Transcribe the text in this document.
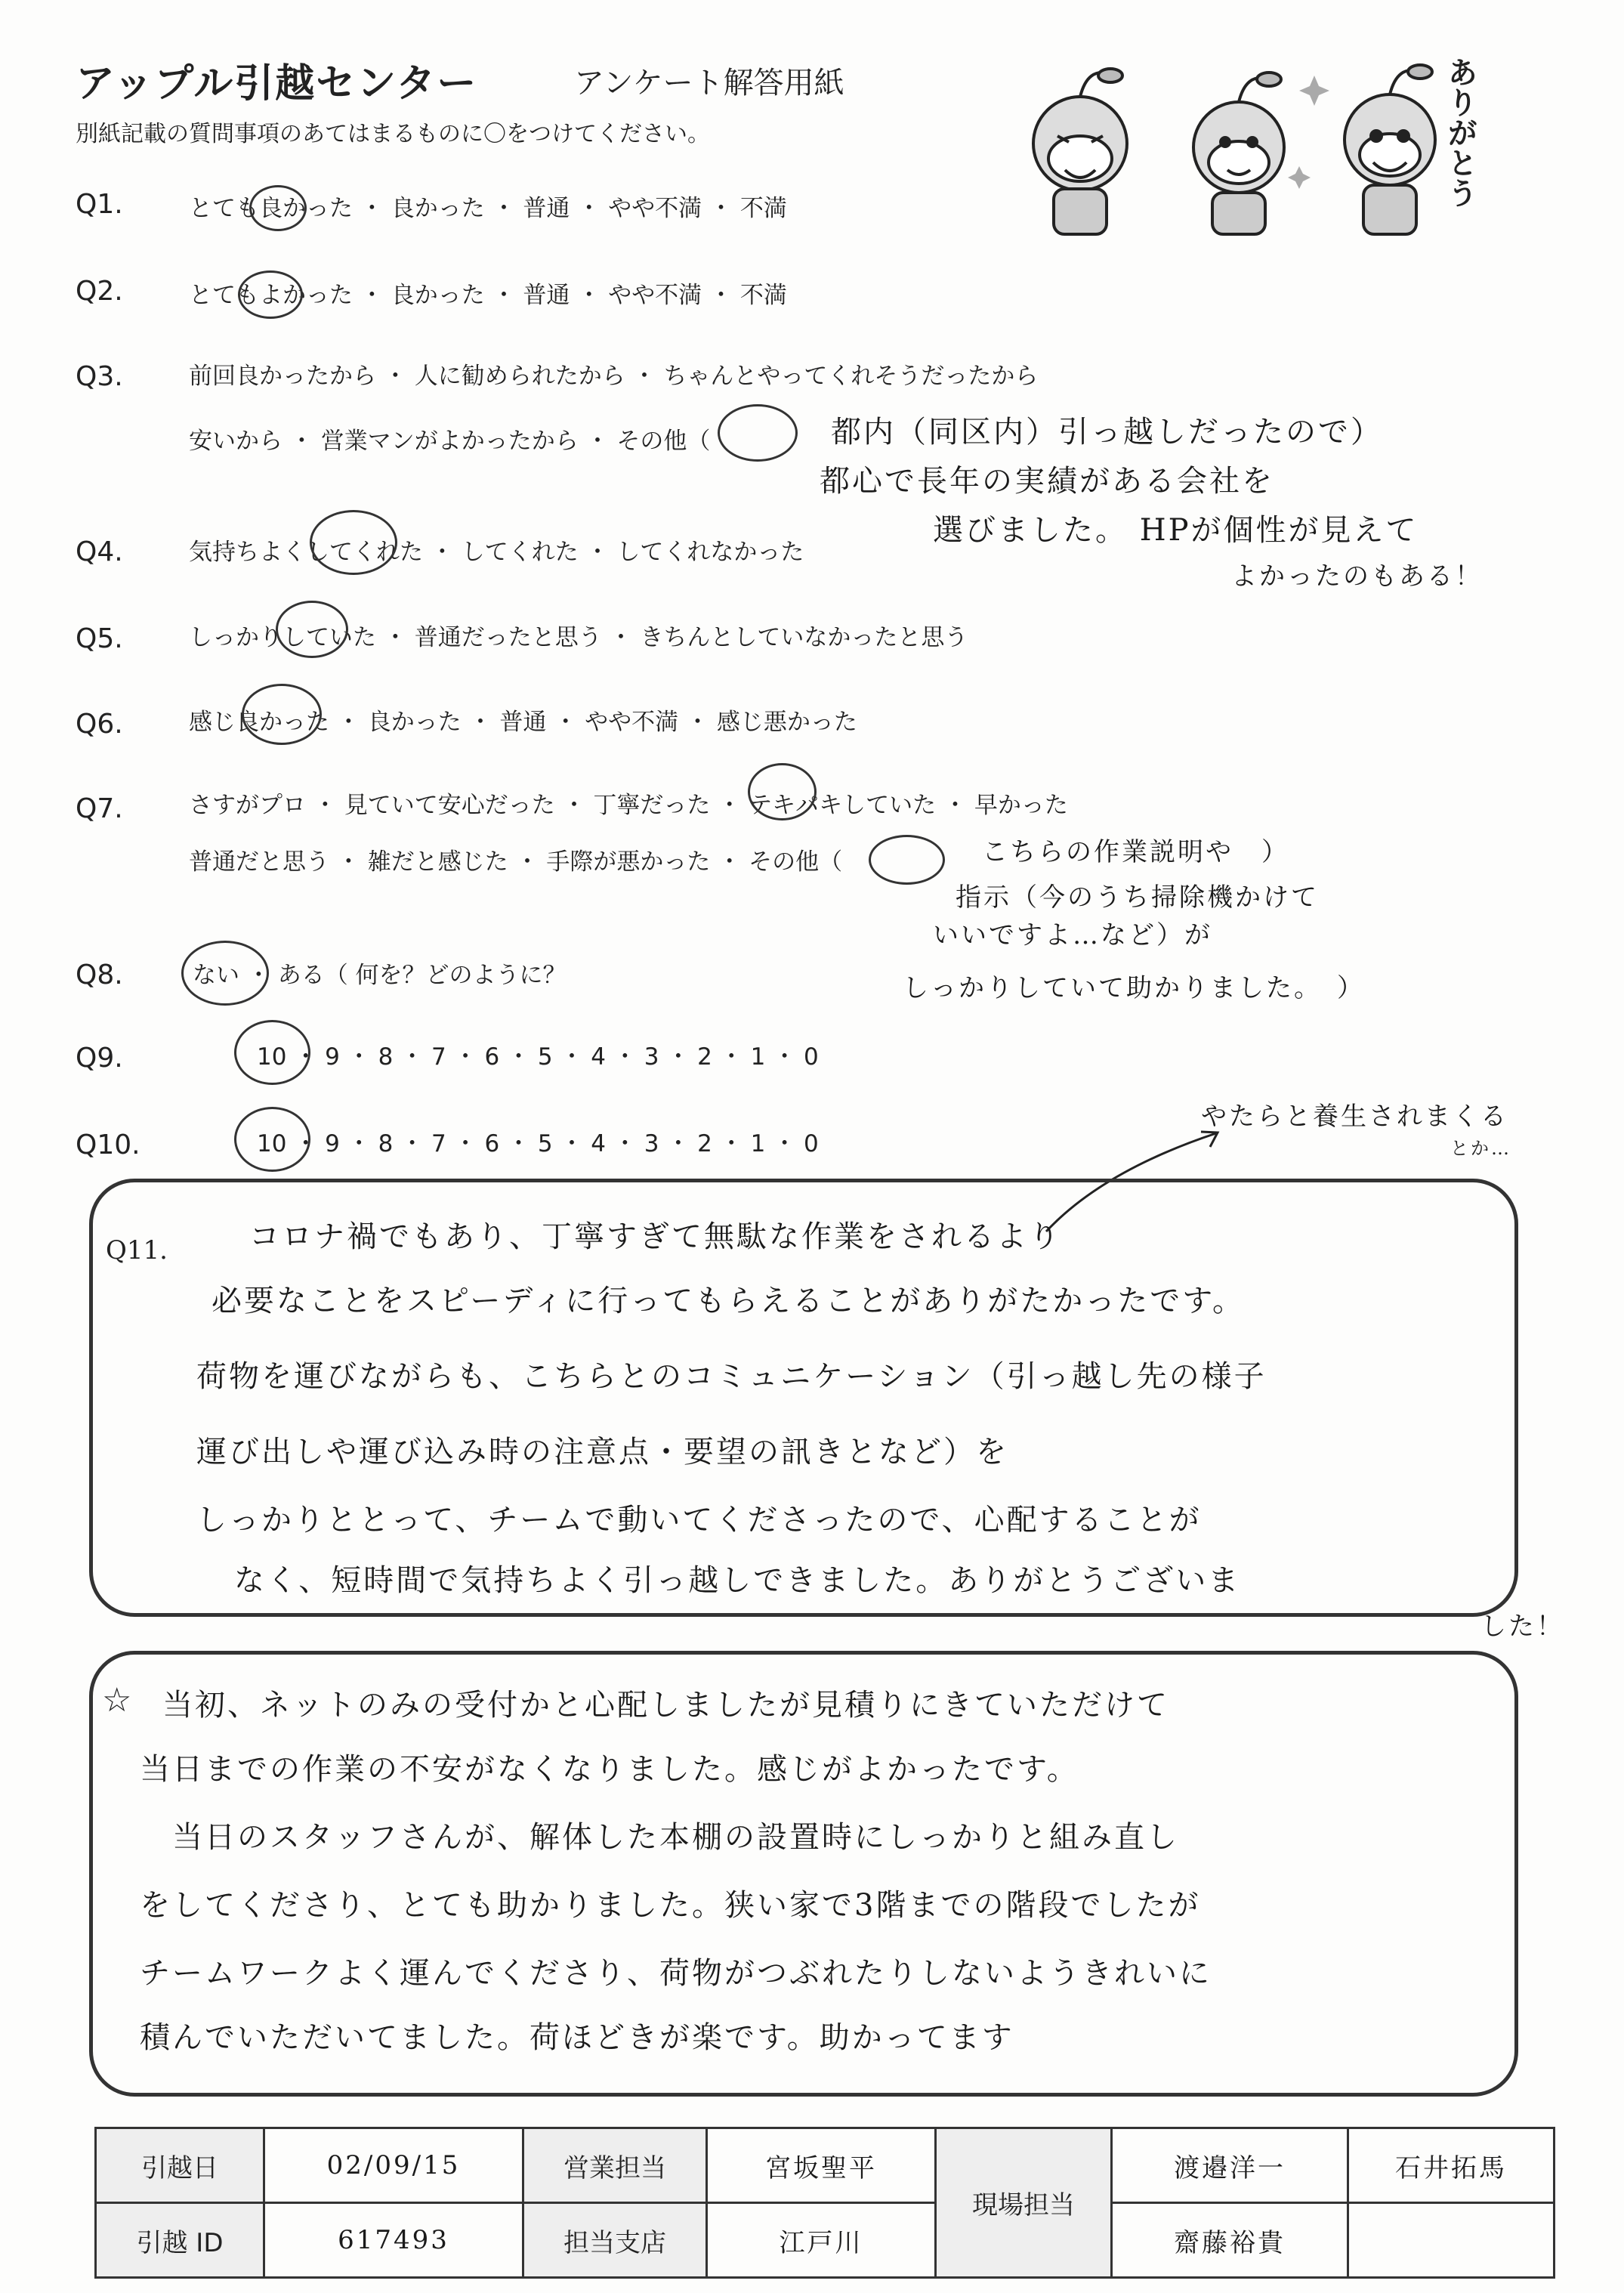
アップル引越センター	アンケート解答用紙
別紙記載の質問事項のあてはまるものに〇をつけてください。	ありがとう
Q1.	とても良かった ・ 良かった ・ 普通 ・ やや不満 ・ 不満
Q2.	とてもよかった ・ 良かった ・ 普通 ・ やや不満 ・ 不満
Q3.	前回良かったから ・ 人に勧められたから ・ ちゃんとやってくれそうだったから
安いから ・ 営業マンがよかったから ・ その他（	都内（同区内）引っ越しだったので）
都心で長年の実績がある会社を
選びました。 HPが個性が見えて
よかったのもある！
Q4.	気持ちよくしてくれた ・ してくれた ・ してくれなかった
Q5.	しっかりしていた ・ 普通だったと思う ・ きちんとしていなかったと思う
Q6.	感じ良かった ・ 良かった ・ 普通 ・ やや不満 ・ 感じ悪かった
Q7.	さすがプロ ・ 見ていて安心だった ・ 丁寧だった ・ テキパキしていた ・ 早かった
普通だと思う ・ 雑だと感じた ・ 手際が悪かった ・ その他（	こちらの作業説明や　）
指示（今のうち掃除機かけて
いいですよ…など）が
しっかりしていて助かりました。　）
Q8.	ない ・ ある（ 何を？どのように？
Q9.	10 ・ 9 ・ 8 ・ 7 ・ 6 ・ 5 ・ 4 ・ 3 ・ 2 ・ 1 ・ 0
Q10.	10 ・ 9 ・ 8 ・ 7 ・ 6 ・ 5 ・ 4 ・ 3 ・ 2 ・ 1 ・ 0
やたらと養生されまくる
とか…
Q11.	コロナ禍でもあり、丁寧すぎて無駄な作業をされるより
必要なことをスピーディに行ってもらえることがありがたかったです。
荷物を運びながらも、こちらとのコミュニケーション（引っ越し先の様子
運び出しや運び込み時の注意点・要望の訊きとなど）を
しっかりととって、チームで動いてくださったので、心配することが
なく、短時間で気持ちよく引っ越しできました。ありがとうございま
した！
☆ 当初、ネットのみの受付かと心配しましたが見積りにきていただけて
当日までの作業の不安がなくなりました。感じがよかったです。
　当日のスタッフさんが、解体した本棚の設置時にしっかりと組み直し
をしてくださり、とても助かりました。狭い家で3階までの階段でしたが
チームワークよく運んでくださり、荷物がつぶれたりしないようきれいに
積んでいただいてました。荷ほどきが楽です。助かってます
引越日	02/09/15	営業担当	宮坂聖平	現場担当	渡邉洋一	石井拓馬
引越 ID	617493	担当支店	江戸川		齋藤裕貴	
